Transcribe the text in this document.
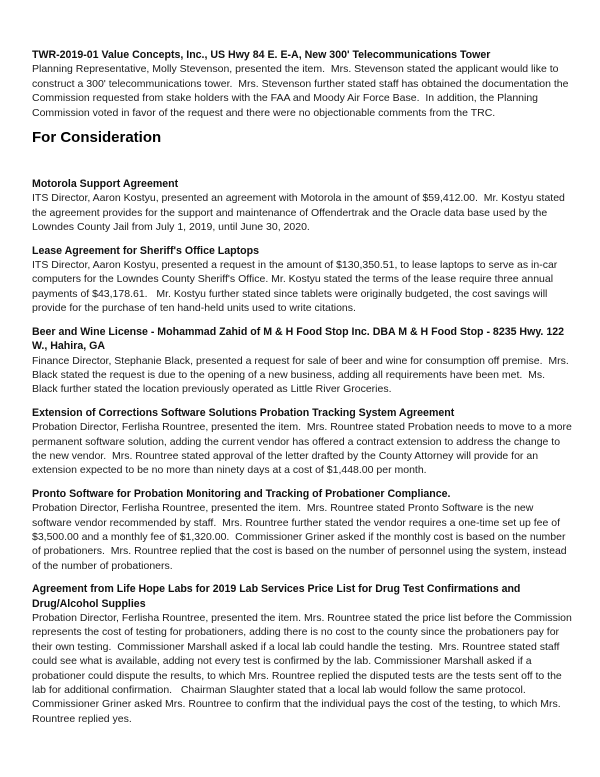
TWR-2019-01 Value Concepts, Inc., US Hwy 84 E. E-A, New 300' Telecommunications Tower

Planning Representative, Molly Stevenson, presented the item.  Mrs. Stevenson stated the applicant would like to construct a 300' telecommunications tower.  Mrs. Stevenson further stated staff has obtained the documentation the Commission requested from stake holders with the FAA and Moody Air Force Base.  In addition, the Planning Commission voted in favor of the request and there were no objectionable comments from the TRC.

For Consideration
Motorola Support Agreement

ITS Director, Aaron Kostyu, presented an agreement with Motorola in the amount of $59,412.00.  Mr. Kostyu stated the agreement provides for the support and maintenance of Offendertrak and the Oracle data base used by the Lowndes County Jail from July 1, 2019, until June 30, 2020.

Lease Agreement for Sheriff's Office Laptops

ITS Director, Aaron Kostyu, presented a request in the amount of $130,350.51, to lease laptops to serve as in-car computers for the Lowndes County Sheriff's Office. Mr. Kostyu stated the terms of the lease require three annual payments of $43,178.61.   Mr. Kostyu further stated since tablets were originally budgeted, the cost savings will provide for the purchase of ten hand-held units used to write citations.

Beer and Wine License - Mohammad Zahid of M & H Food Stop Inc. DBA M & H Food Stop - 8235 Hwy. 122 W., Hahira, GA

Finance Director, Stephanie Black, presented a request for sale of beer and wine for consumption off premise.  Mrs. Black stated the request is due to the opening of a new business, adding all requirements have been met.  Ms. Black further stated the location previously operated as Little River Groceries.

Extension of Corrections Software Solutions Probation Tracking System Agreement

Probation Director, Ferlisha Rountree, presented the item.  Mrs. Rountree stated Probation needs to move to a more permanent software solution, adding the current vendor has offered a contract extension to address the change to the new vendor.  Mrs. Rountree stated approval of the letter drafted by the County Attorney will provide for an extension expected to be no more than ninety days at a cost of $1,448.00 per month.

Pronto Software for Probation Monitoring and Tracking of Probationer Compliance.

Probation Director, Ferlisha Rountree, presented the item.  Mrs. Rountree stated Pronto Software is the new software vendor recommended by staff.  Mrs. Rountree further stated the vendor requires a one-time set up fee of $3,500.00 and a monthly fee of $1,320.00.  Commissioner Griner asked if the monthly cost is based on the number of probationers.  Mrs. Rountree replied that the cost is based on the number of personnel using the system, instead of the number of probationers.

Agreement from Life Hope Labs for 2019 Lab Services Price List for Drug Test Confirmations and Drug/Alcohol Supplies

Probation Director, Ferlisha Rountree, presented the item. Mrs. Rountree stated the price list before the Commission represents the cost of testing for probationers, adding there is no cost to the county since the probationers pay for their own testing.  Commissioner Marshall asked if a local lab could handle the testing.  Mrs. Rountree stated staff could see what is available, adding not every test is confirmed by the lab. Commissioner Marshall asked if a probationer could dispute the results, to which Mrs. Rountree replied the disputed tests are the tests sent off to the lab for additional confirmation.   Chairman Slaughter stated that a local lab would follow the same protocol.  Commissioner Griner asked Mrs. Rountree to confirm that the individual pays the cost of the testing, to which Mrs. Rountree replied yes.
